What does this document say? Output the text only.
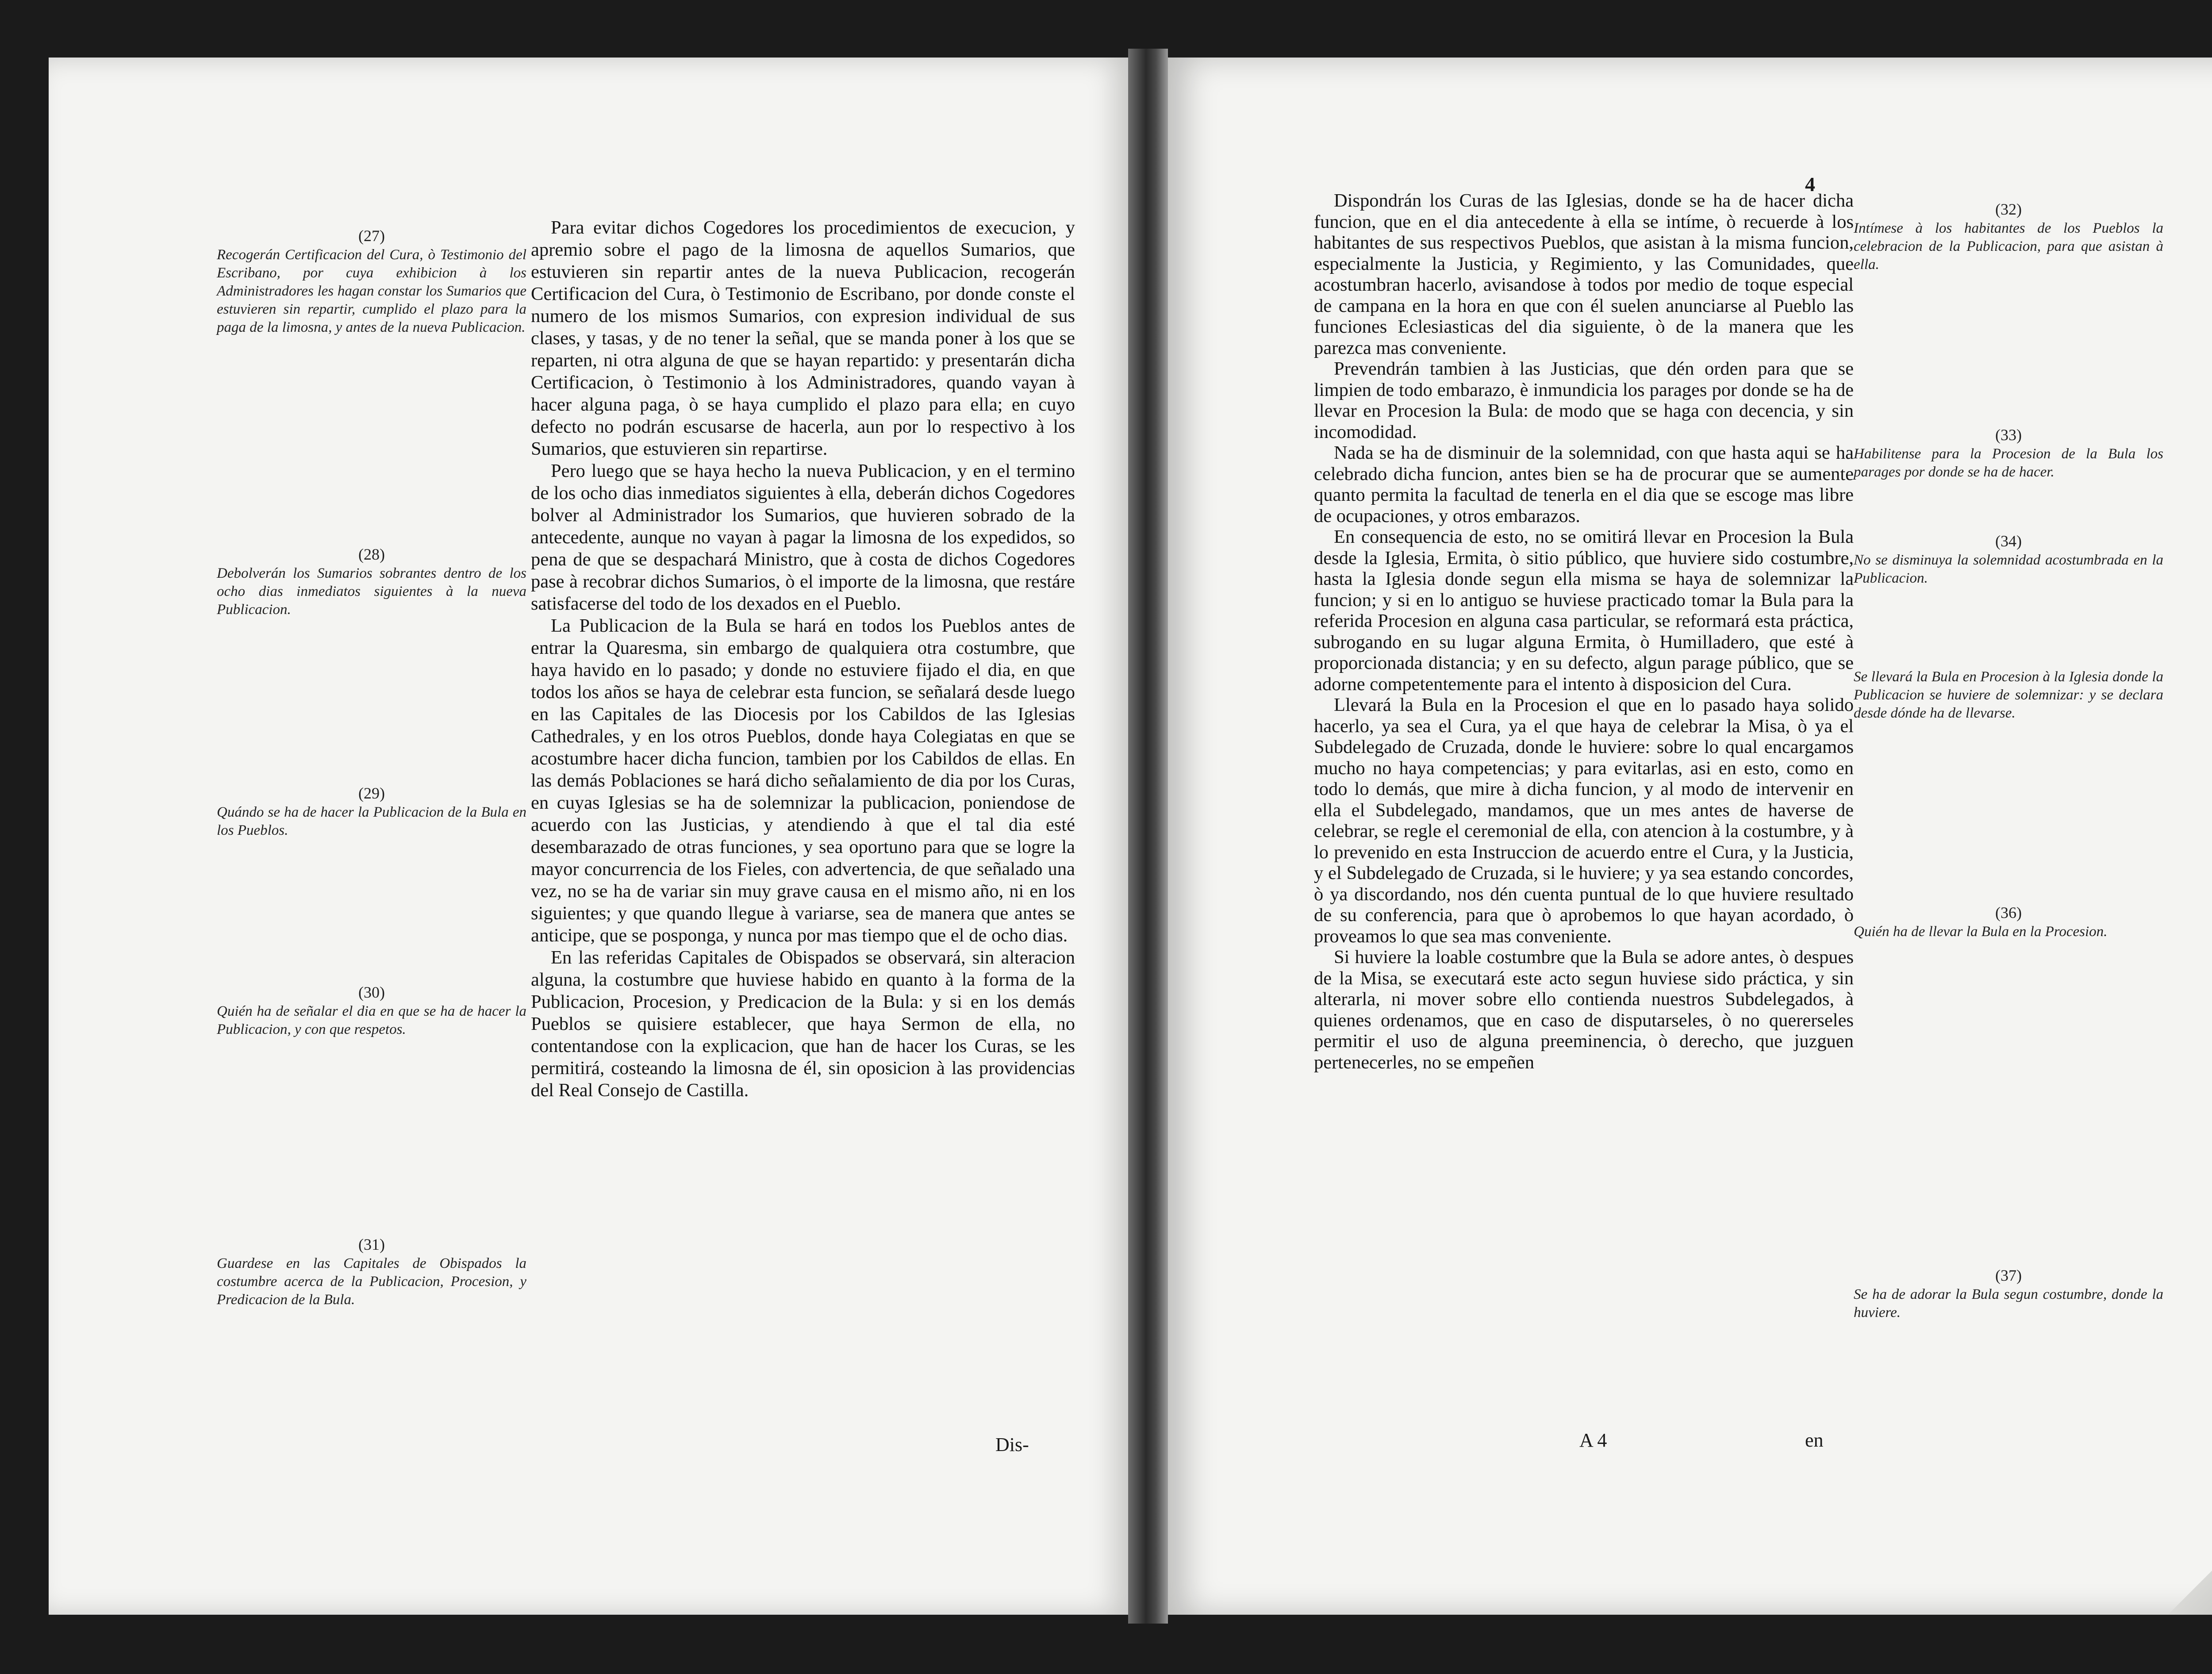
(27)
Recogerán Certificacion del Cura, ò Testimonio del Escribano, por cuya exhibicion à los Administradores les hagan constar los Sumarios que estuvieren sin repartir, cumplido el plazo para la paga de la limosna, y antes de la nueva Publicacion.
(28)
Debolverán los Sumarios sobrantes dentro de los ocho dias inmediatos siguientes à la nueva Publicacion.
(29)
Quándo se ha de hacer la Publicacion de la Bula en los Pueblos.
(30)
Quién ha de señalar el dia en que se ha de hacer la Publicacion, y con que respetos.
(31)
Guardese en las Capitales de Obispados la costumbre acerca de la Publicacion, Procesion, y Predicacion de la Bula.

Para evitar dichos Cogedores los procedimientos de execucion, y apremio sobre el pago de la limosna de aquellos Sumarios, que estuvieren sin repartir antes de la nueva Publicacion, recogerán Certificacion del Cura, ò Testimonio de Escribano, por donde conste el numero de los mismos Sumarios, con expresion individual de sus clases, y tasas, y de no tener la señal, que se manda poner à los que se reparten, ni otra alguna de que se hayan repartido: y presentarán dicha Certificacion, ò Testimonio à los Administradores, quando vayan à hacer alguna paga, ò se haya cumplido el plazo para ella; en cuyo defecto no podrán escusarse de hacerla, aun por lo respectivo à los Sumarios, que estuvieren sin repartirse.

Pero luego que se haya hecho la nueva Publicacion, y en el termino de los ocho dias inmediatos siguientes à ella, deberán dichos Cogedores bolver al Administrador los Sumarios, que huvieren sobrado de la antecedente, aunque no vayan à pagar la limosna de los expedidos, so pena de que se despachará Ministro, que à costa de dichos Cogedores pase à recobrar dichos Sumarios, ò el importe de la limosna, que restáre satisfacerse del todo de los dexados en el Pueblo.

La Publicacion de la Bula se hará en todos los Pueblos antes de entrar la Quaresma, sin embargo de qualquiera otra costumbre, que haya havido en lo pasado; y donde no estuviere fijado el dia, en que todos los años se haya de celebrar esta funcion, se señalará desde luego en las Capitales de las Diocesis por los Cabildos de las Iglesias Cathedrales, y en los otros Pueblos, donde haya Colegiatas en que se acostumbre hacer dicha funcion, tambien por los Cabildos de ellas. En las demás Poblaciones se hará dicho señalamiento de dia por los Curas, en cuyas Iglesias se ha de solemnizar la publicacion, poniendose de acuerdo con las Justicias, y atendiendo à que el tal dia esté desembarazado de otras funciones, y sea oportuno para que se logre la mayor concurrencia de los Fieles, con advertencia, de que señalado una vez, no se ha de variar sin muy grave causa en el mismo año, ni en los siguientes; y que quando llegue à variarse, sea de manera que antes se anticipe, que se posponga, y nunca por mas tiempo que el de ocho dias.

En las referidas Capitales de Obispados se observará, sin alteracion alguna, la costumbre que huviese habido en quanto à la forma de la Publicacion, Procesion, y Predicacion de la Bula: y si en los demás Pueblos se quisiere establecer, que haya Sermon de ella, no contentandose con la explicacion, que han de hacer los Curas, se les permitirá, costeando la limosna de él, sin oposicion à las providencias del Real Consejo de Castilla.

Dis-
4

Dispondrán los Curas de las Iglesias, donde se ha de hacer dicha funcion, que en el dia antecedente à ella se intíme, ò recuerde à los habitantes de sus respectivos Pueblos, que asistan à la misma funcion, especialmente la Justicia, y Regimiento, y las Comunidades, que acostumbran hacerlo, avisandose à todos por medio de toque especial de campana en la hora en que con él suelen anunciarse al Pueblo las funciones Eclesiasticas del dia siguiente, ò de la manera que les parezca mas conveniente.

Prevendrán tambien à las Justicias, que dén orden para que se limpien de todo embarazo, è inmundicia los parages por donde se ha de llevar en Procesion la Bula: de modo que se haga con decencia, y sin incomodidad.

Nada se ha de disminuir de la solemnidad, con que hasta aqui se ha celebrado dicha funcion, antes bien se ha de procurar que se aumente quanto permita la facultad de tenerla en el dia que se escoge mas libre de ocupaciones, y otros embarazos.

En consequencia de esto, no se omitirá llevar en Procesion la Bula desde la Iglesia, Ermita, ò sitio público, que huviere sido costumbre, hasta la Iglesia donde segun ella misma se haya de solemnizar la funcion; y si en lo antiguo se huviese practicado tomar la Bula para la referida Procesion en alguna casa particular, se reformará esta práctica, subrogando en su lugar alguna Ermita, ò Humilladero, que esté à proporcionada distancia; y en su defecto, algun parage público, que se adorne competentemente para el intento à disposicion del Cura.

Llevará la Bula en la Procesion el que en lo pasado haya solido hacerlo, ya sea el Cura, ya el que haya de celebrar la Misa, ò ya el Subdelegado de Cruzada, donde le huviere: sobre lo qual encargamos mucho no haya competencias; y para evitarlas, asi en esto, como en todo lo demás, que mire à dicha funcion, y al modo de intervenir en ella el Subdelegado, mandamos, que un mes antes de haverse de celebrar, se regle el ceremonial de ella, con atencion à la costumbre, y à lo prevenido en esta Instruccion de acuerdo entre el Cura, y la Justicia, y el Subdelegado de Cruzada, si le huviere; y ya sea estando concordes, ò ya discordando, nos dén cuenta puntual de lo que huviere resultado de su conferencia, para que ò aprobemos lo que hayan acordado, ò proveamos lo que sea mas conveniente.

Si huviere la loable costumbre que la Bula se adore antes, ò despues de la Misa, se executará este acto segun huviese sido práctica, y sin alterarla, ni mover sobre ello contienda nuestros Subdelegados, à quienes ordenamos, que en caso de disputarseles, ò no quererseles permitir el uso de alguna preeminencia, ò derecho, que juzguen pertenecerles, no se empeñen

(32)
Intímese à los habitantes de los Pueblos la celebracion de la Publicacion, para que asistan à ella.
(33)
Habilitense para la Procesion de la Bula los parages por donde se ha de hacer.
(34)
No se disminuya la solemnidad acostumbrada en la Publicacion.
Se llevará la Bula en Procesion à la Iglesia donde la Publicacion se huviere de solemnizar: y se declara desde dónde ha de llevarse.
(36)
Quién ha de llevar la Bula en la Procesion.
(37)
Se ha de adorar la Bula segun costumbre, donde la huviere.
A 4	en
